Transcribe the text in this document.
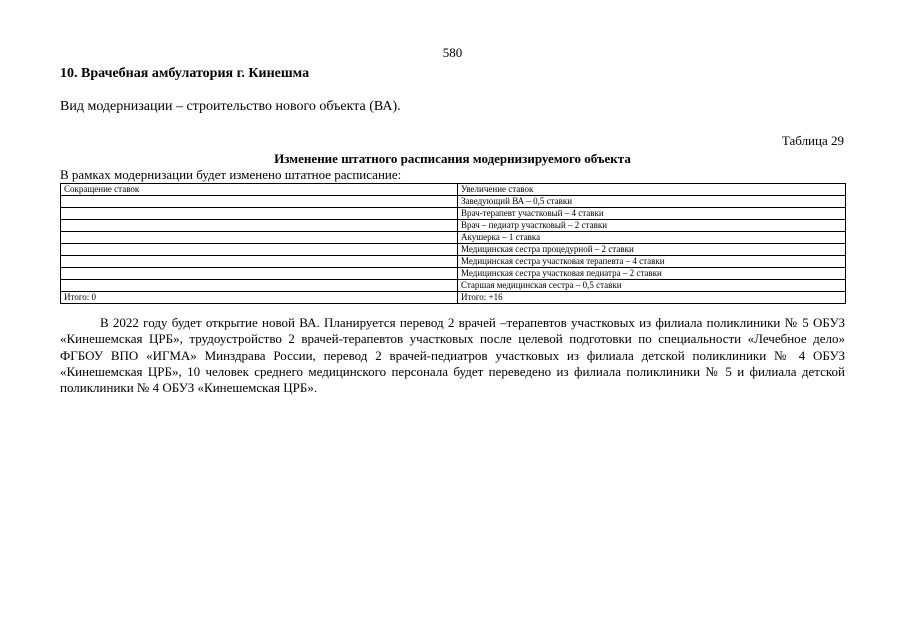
580
10. Врачебная амбулатория г. Кинешма
Вид модернизации – строительство нового объекта (ВА).
Таблица 29
Изменение штатного расписания модернизируемого объекта
В рамках модернизации будет изменено штатное расписание:
Сокращение ставок	Увеличение ставок
	Заведующий ВА – 0,5 ставки
	Врач-терапевт участковый – 4 ставки
	Врач – педиатр участковый – 2 ставки
	Акушерка – 1 ставка
	Медицинская сестра процедурной – 2 ставки
	Медицинская сестра участковая терапевта – 4 ставки
	Медицинская сестра участковая педиатра – 2 ставки
	Старшая медицинская сестра – 0,5 ставки
Итого: 0	Итого: +16

В 2022 году будет открытие новой ВА. Планируется перевод 2 врачей –терапевтов участковых из филиала поликлиники № 5 ОБУЗ «Кинешемская ЦРБ», трудоустройство 2 врачей-терапевтов участковых после целевой подготовки по специальности «Лечебное дело» ФГБОУ ВПО «ИГМА» Минздрава России, перевод 2 врачей-педиатров участковых из филиала детской поликлиники № 4 ОБУЗ «Кинешемская ЦРБ», 10 человек среднего медицинского персонала будет переведено из филиала поликлиники № 5 и филиала детской поликлиники № 4 ОБУЗ «Кинешемская ЦРБ».
